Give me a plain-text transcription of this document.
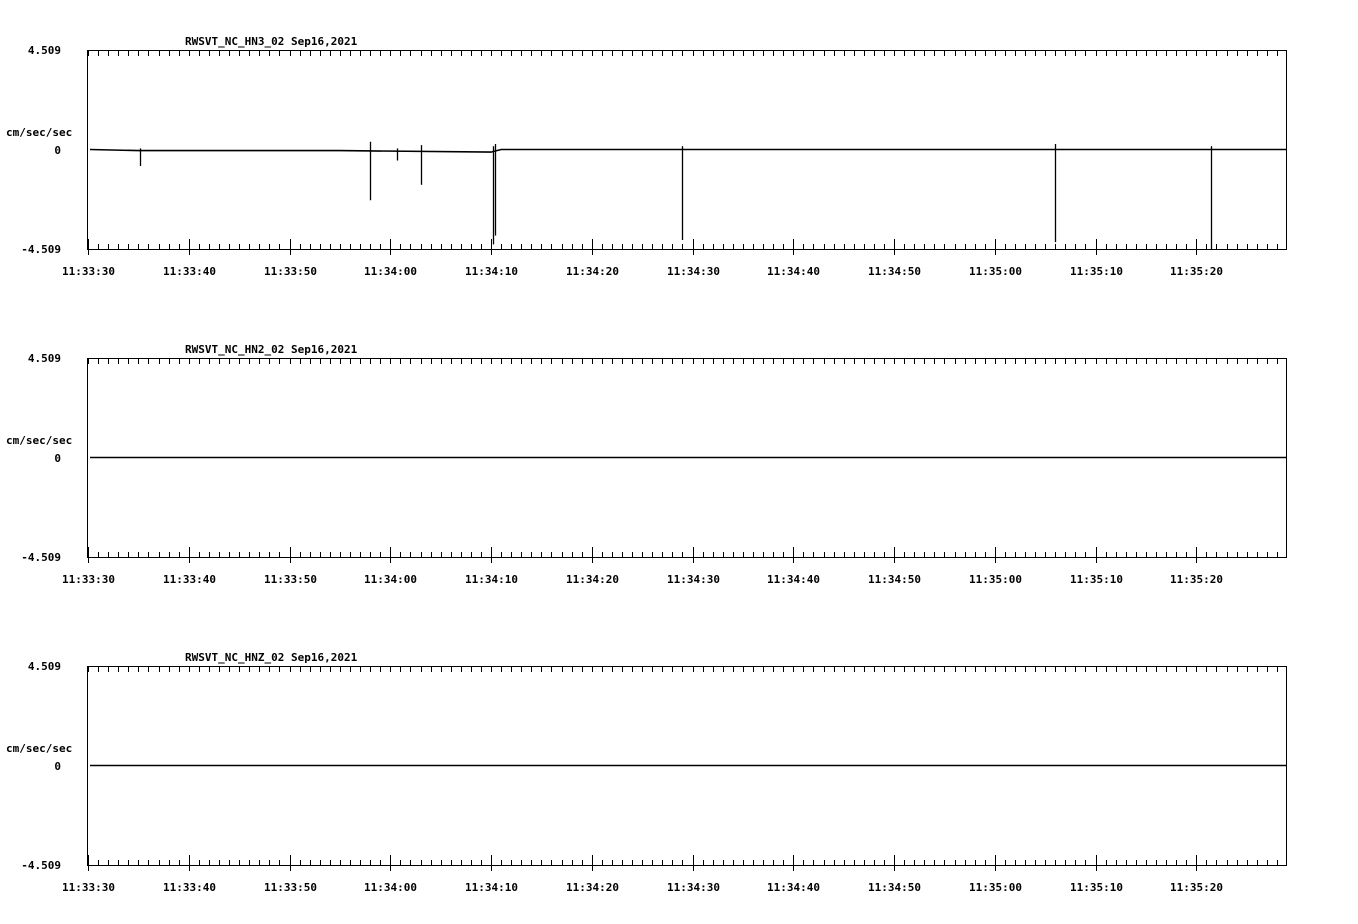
RWSVT_NC_HN3_02 Sep16,2021
cm/sec/sec
4.509
0
-4.509
11:33:30	11:33:40	11:33:50	11:34:00	11:34:10	11:34:20	11:34:30	11:34:40	11:34:50	11:35:00	11:35:10	11:35:20
RWSVT_NC_HN2_02 Sep16,2021
cm/sec/sec
4.509
0
-4.509
11:33:30	11:33:40	11:33:50	11:34:00	11:34:10	11:34:20	11:34:30	11:34:40	11:34:50	11:35:00	11:35:10	11:35:20
RWSVT_NC_HNZ_02 Sep16,2021
cm/sec/sec
4.509
0
-4.509
11:33:30	11:33:40	11:33:50	11:34:00	11:34:10	11:34:20	11:34:30	11:34:40	11:34:50	11:35:00	11:35:10	11:35:20
